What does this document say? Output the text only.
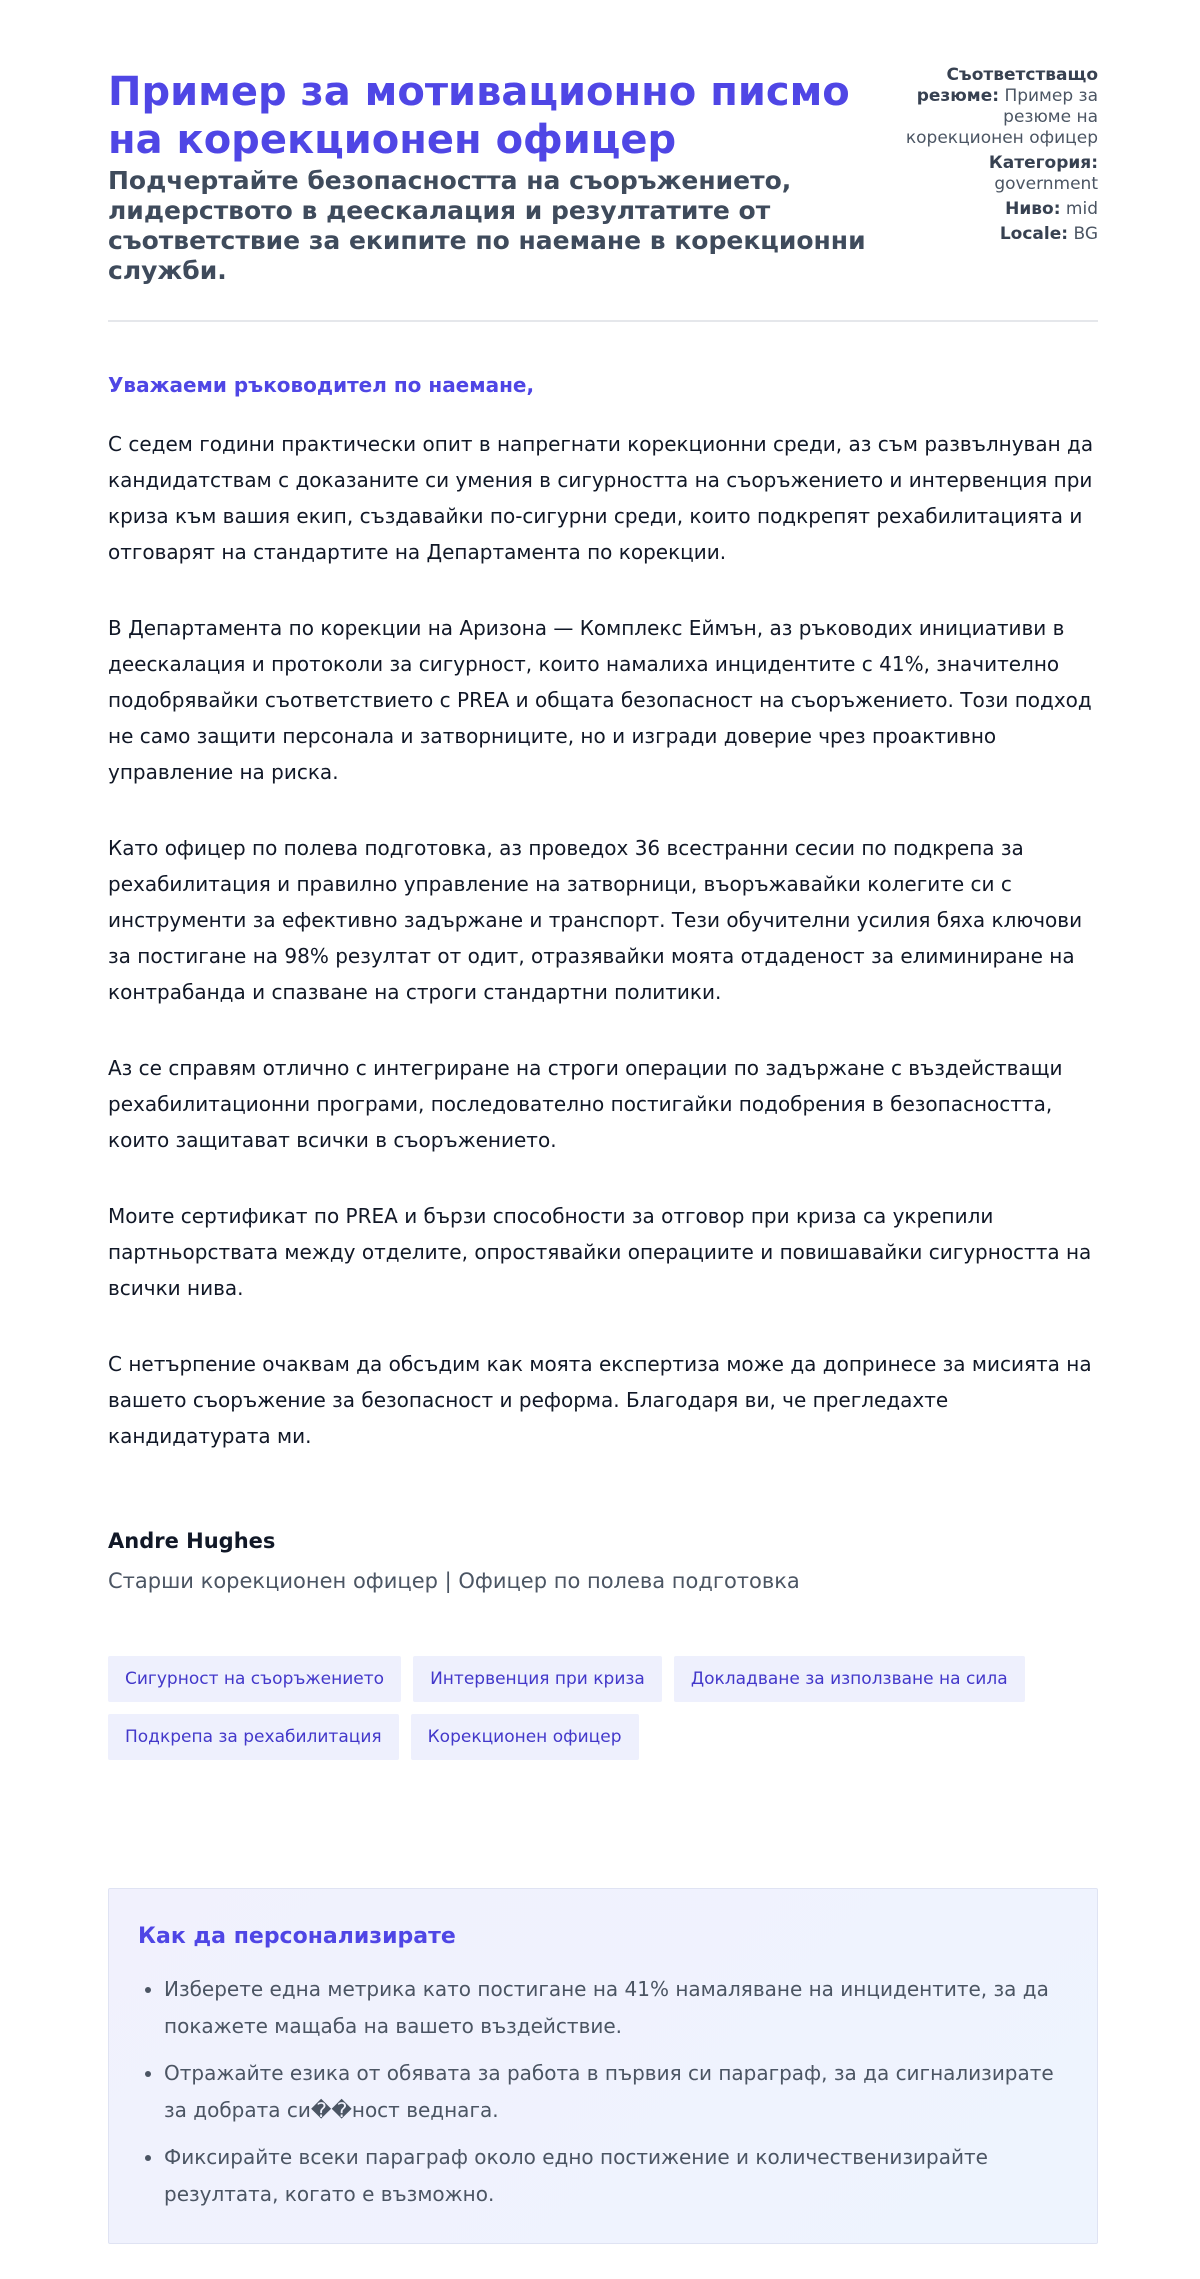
Пример за мотивационно писмо на корекционен офицер
Подчертайте безопасността на съоръжението, лидерството в деескалация и резултатите от съответствие за екипите по наемане в корекционни служби.
Съответстващо резюме: Пример за резюме на корекционен офицер
Категория:
government
Ниво: mid
Locale: BG
Уважаеми ръководител по наемане,

С седем години практически опит в напрегнати корекционни среди, аз съм развълнуван да кандидатствам с доказаните си умения в сигурността на съоръжението и интервенция при криза към вашия екип, създавайки по-сигурни среди, които подкрепят рехабилитацията и отговарят на стандартите на Департамента по корекции.

В Департамента по корекции на Аризона — Комплекс Еймън, аз ръководих инициативи в деескалация и протоколи за сигурност, които намалиха инцидентите с 41%, значително подобрявайки съответствието с PREA и общата безопасност на съоръжението. Този подход не само защити персонала и затворниците, но и изгради доверие чрез проактивно управление на риска.

Като офицер по полева подготовка, аз проведох 36 всестранни сесии по подкрепа за рехабилитация и правилно управление на затворници, въоръжавайки колегите си с инструменти за ефективно задържане и транспорт. Тези обучителни усилия бяха ключови за постигане на 98% резултат от одит, отразявайки моята отдаденост за елиминиране на контрабанда и спазване на строги стандартни политики.

Аз се справям отлично с интегриране на строги операции по задържане с въздействащи рехабилитационни програми, последователно постигайки подобрения в безопасността, които защитават всички в съоръжението.

Моите сертификат по PREA и бързи способности за отговор при криза са укрепили партньорствата между отделите, опростявайки операциите и повишавайки сигурността на всички нива.

С нетърпение очаквам да обсъдим как моята експертиза може да допринесе за мисията на вашето съоръжение за безопасност и реформа. Благодаря ви, че прегледахте кандидатурата ми.

Andre Hughes
Старши корекционен офицер | Офицер по полева подготовка
Сигурност на съоръжението	Интервенция при криза	Докладване за използване на сила
Подкрепа за рехабилитация	Корекционен офицер
Как да персонализирате
• Изберете една метрика като постигане на 41% намаляване на инцидентите, за да покажете мащаба на вашето въздействие.
• Отражайте езика от обявата за работа в първия си параграф, за да сигнализирате за добрата си��ност веднага.
• Фиксирайте всеки параграф около едно постижение и количественизирайте резултата, когато е възможно.
